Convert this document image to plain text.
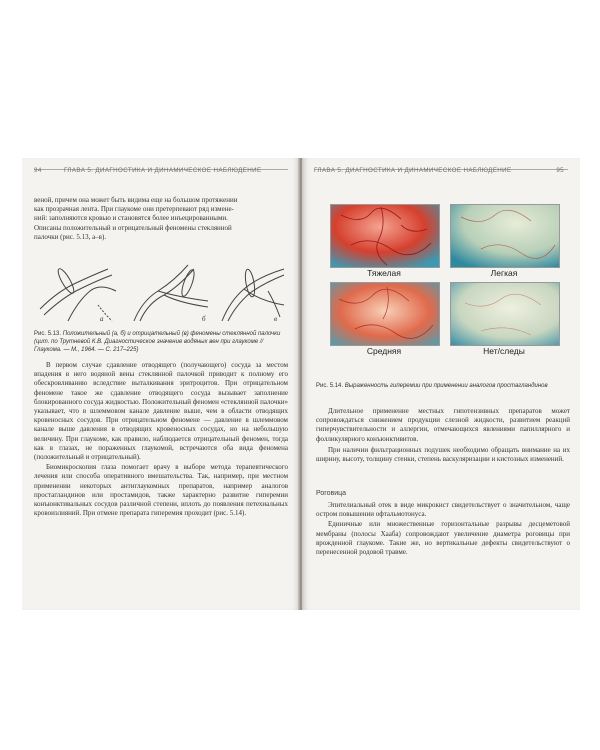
94	ГЛАВА 5. ДИАГНОСТИКА И ДИНАМИЧЕСКОЕ НАБЛЮДЕНИЕ

веной, причем она может быть видима еще на большом протяжении

как прозрачная лента. При глаукоме они претерпевают ряд измене-

ний: заполняются кровью и становятся более инъецированными.

Описаны положительный и отрицательный феномены стеклянной

палочки (рис. 5.13, а–в).

а	б	в
Рис. 5.13. Положительный (а, б) и отрицательный (в) феномены стеклянной палочки (цит. по Трутневой К.В. Диагностическое значение водяных вен при глаукоме // Глаукома. — М., 1964. — С. 217–225)

В первом случае сдавление отводящего (получающего) сосуда за местом впадения в него водяной вены стеклянной палочкой приводит к полному его обескровливанию вследствие выталкивания эритроцитов. При отрицательном феномене такое же сдавление отводящего сосуда вызывает заполнение блокированного сосуда жидкостью. Положительный феномен «стеклянной палочки» указывает, что в шлеммовом канале давление выше, чем в области отводящих кровеносных сосудов. При отрицательном феномене — давление в шлеммовом канале выше давления в отводящих кровеносных сосудах, но на небольшую величину. При глаукоме, как правило, наблюдается отрицательный феномен, тогда как в глазах, не пораженных глаукомой, встречаются оба вида феномена (положительный и отрицательный).

Биомикроскопия глаза помогает врачу в выборе метода терапевтического лечения или способа оперативного вмешательства. Так, например, при местном применении некоторых антиглаукомных препаратов, например аналогов простагландинов или простамидов, также характерно развитие гиперемии конъюнктивальных сосудов различной степени, вплоть до появления петехиальных кровоизлияний. При отмене препарата гиперемия проходит (рис. 5.14).

ГЛАВА 5. ДИАГНОСТИКА И ДИНАМИЧЕСКОЕ НАБЛЮДЕНИЕ	95
Тяжелая	Легкая
Средняя	Нет/следы
Рис. 5.14. Выраженность гиперемии при применении аналогов простагландинов

Длительное применение местных гипотензивных препаратов может сопровождаться снижением продукции слезной жидкости, развитием реакций гиперчувствительности и аллергии, отмечающихся явлениями папиллярного и фолликулярного конъюнктивитов.

При наличии фильтрационных подушек необходимо обращать внимание на их ширину, высоту, толщину стенки, степень васкуляризации и кистозных изменений.

Роговица

Эпителиальный отек в виде микрокист свидетельствует о значительном, чаще остром повышении офтальмотонуса.

Единичные или множественные горизонтальные разрывы десцеметовой мембраны (полосы Хааба) сопровождают увеличение диаметра роговицы при врожденной глаукоме. Такие же, но вертикальные дефекты свидетельствуют о перенесенной родовой травме.
